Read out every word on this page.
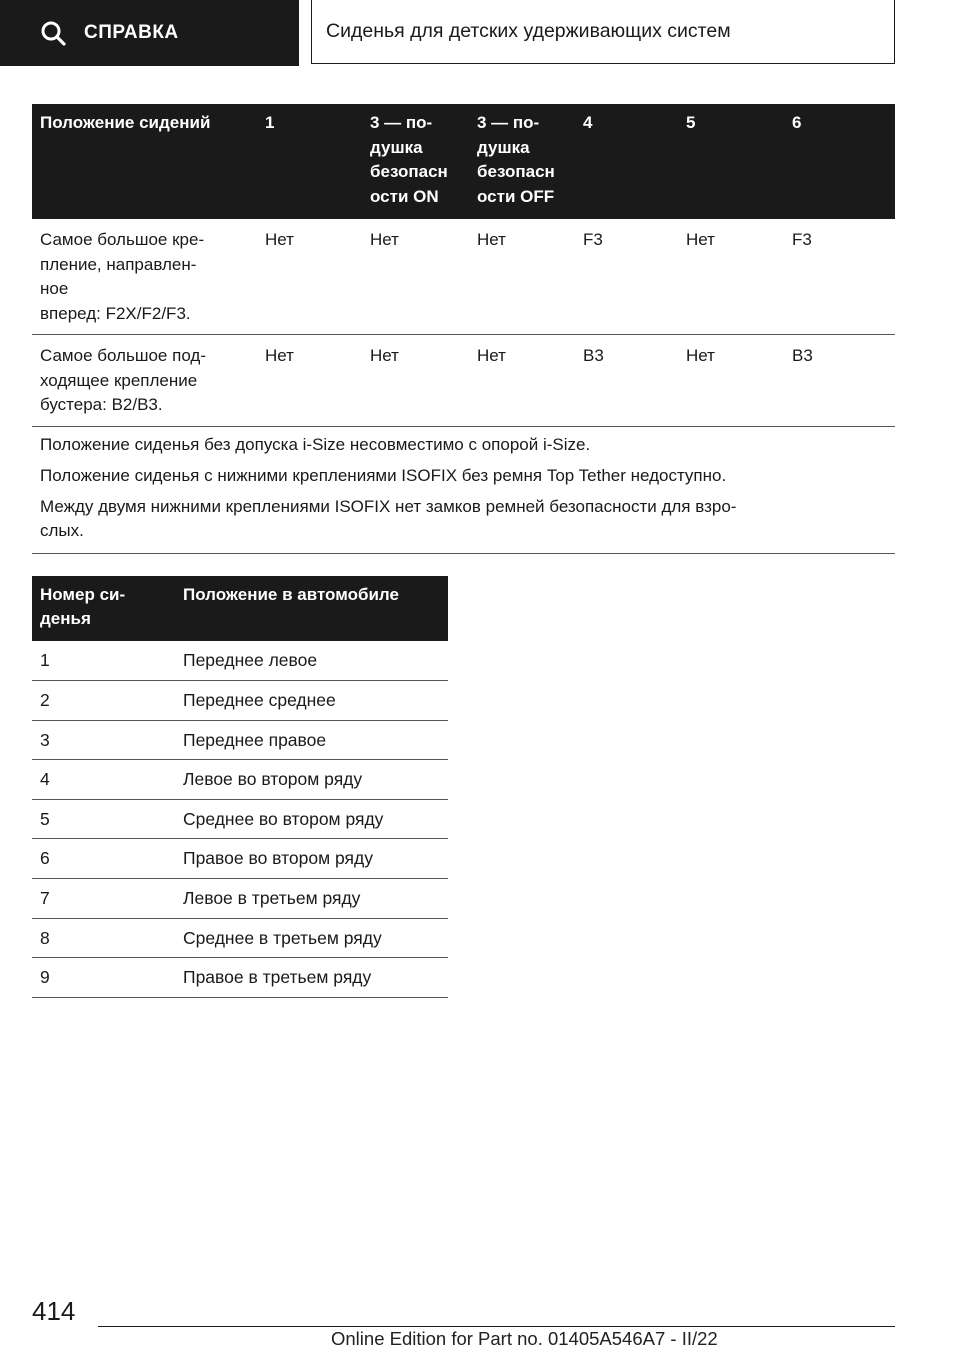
СПРАВКА	Сиденья для детских удерживающих систем
Положение сидений	1	3 — по-
душка
безопасн
ости ON	3 — по-
душка
безопасн
ости OFF	4	5	6
Самое большое кре-
пление, направлен-
ное
вперед: F2X/F2/F3.	Нет	Нет	Нет	F3	Нет	F3
Самое большое под-
ходящее крепление
бустера: B2/B3.	Нет	Нет	Нет	B3	Нет	B3

Положение сиденья без допуска i-Size несовместимо с опорой i-Size.

Положение сиденья с нижними креплениями ISOFIX без ремня Top Tether недоступно.

Между двумя нижними креплениями ISOFIX нет замков ремней безопасности для взро-
слых.						

Номер си-
денья	Положение в автомобиле
1	Переднее левое
2	Переднее среднее
3	Переднее правое
4	Левое во втором ряду
5	Среднее во втором ряду
6	Правое во втором ряду
7	Левое в третьем ряду
8	Среднее в третьем ряду
9	Правое в третьем ряду
414
Online Edition for Part no. 01405A546A7 - II/22
